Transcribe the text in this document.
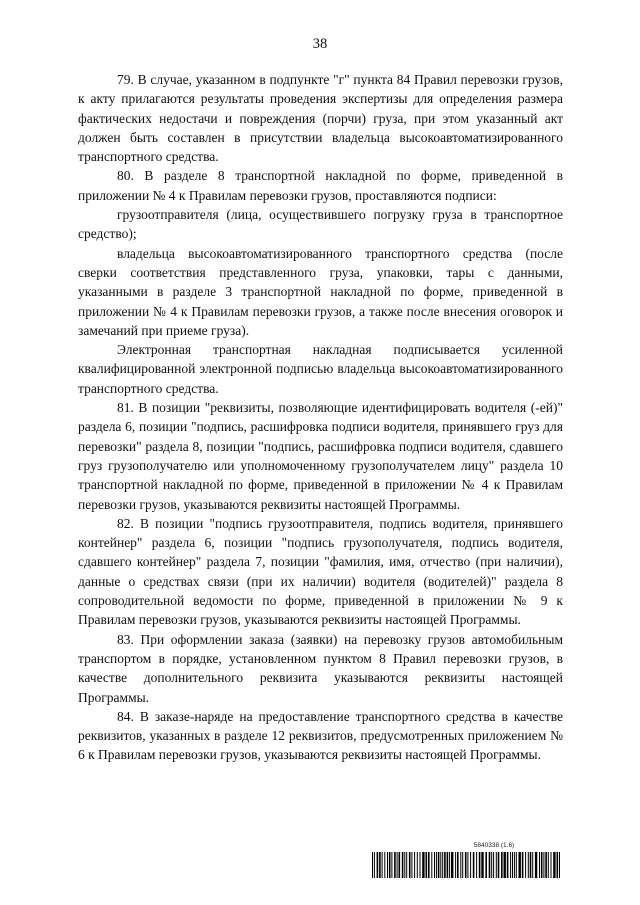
38

79. В случае, указанном в подпункте "г" пункта 84 Правил перевозки грузов, к акту прилагаются результаты проведения экспертизы для определения размера фактических недостачи и повреждения (порчи) груза, при этом указанный акт должен быть составлен в присутствии владельца высокоавтоматизированного транспортного средства.

80. В разделе 8 транспортной накладной по форме, приведенной в приложении № 4 к Правилам перевозки грузов, проставляются подписи:

грузоотправителя (лица, осуществившего погрузку груза в транспортное средство);

владельца высокоавтоматизированного транспортного средства (после сверки соответствия представленного груза, упаковки, тары с данными, указанными в разделе 3 транспортной накладной по форме, приведенной в приложении № 4 к Правилам перевозки грузов, а также после внесения оговорок и замечаний при приеме груза).

Электронная транспортная накладная подписывается усиленной квалифицированной электронной подписью владельца высокоавтоматизированного транспортного средства.

81. В позиции "реквизиты, позволяющие идентифицировать водителя (-ей)" раздела 6, позиции "подпись, расшифровка подписи водителя, принявшего груз для перевозки" раздела 8, позиции "подпись, расшифровка подписи водителя, сдавшего груз грузополучателю или уполномоченному грузополучателем лицу" раздела 10 транспортной накладной по форме, приведенной в приложении № 4 к Правилам перевозки грузов, указываются реквизиты настоящей Программы.

82. В позиции "подпись грузоотправителя, подпись водителя, принявшего контейнер" раздела 6, позиции "подпись грузополучателя, подпись водителя, сдавшего контейнер" раздела 7, позиции "фамилия, имя, отчество (при наличии), данные о средствах связи (при их наличии) водителя (водителей)" раздела 8 сопроводительной ведомости по форме, приведенной в приложении № 9 к Правилам перевозки грузов, указываются реквизиты настоящей Программы.

83. При оформлении заказа (заявки) на перевозку грузов автомобильным транспортом в порядке, установленном пунктом 8 Правил перевозки грузов, в качестве дополнительного реквизита указываются реквизиты настоящей Программы.

84. В заказе-наряде на предоставление транспортного средства в качестве реквизитов, указанных в разделе 12 реквизитов, предусмотренных приложением № 6 к Правилам перевозки грузов, указываются реквизиты настоящей Программы.

5840338 (1.6)
